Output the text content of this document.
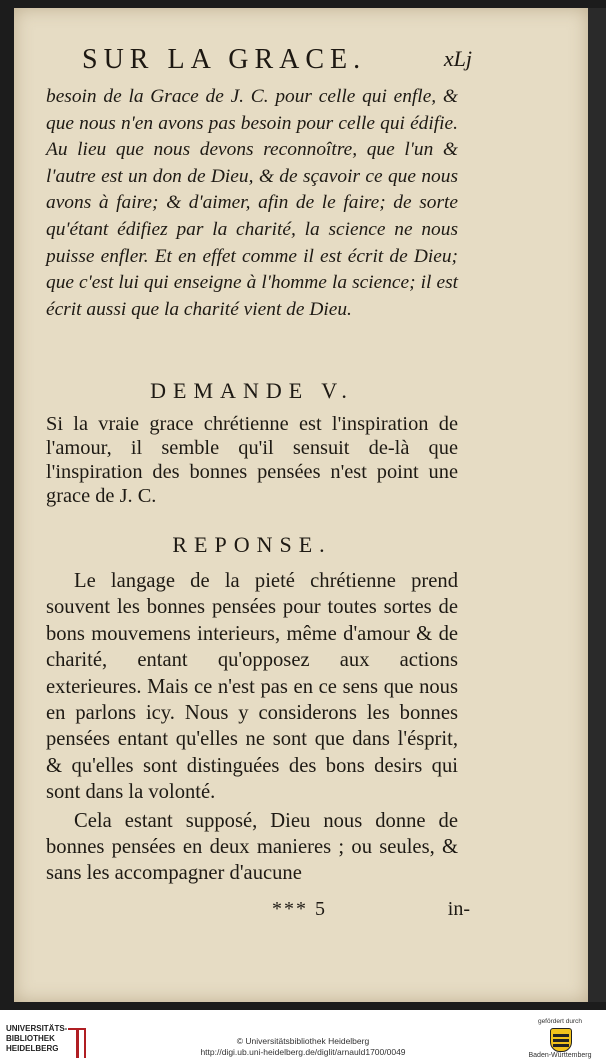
SUR LA GRACE.	xLj

besoin de la Grace de J. C. pour celle qui enfle, & que nous n'en avons pas besoin pour celle qui édifie. Au lieu que nous devons reconnoître, que l'un & l'autre est un don de Dieu, & de sçavoir ce que nous avons à faire; & d'aimer, afin de le faire; de sorte qu'étant édifiez par la charité, la science ne nous puisse enfler. Et en effet comme il est écrit de Dieu; que c'est lui qui enseigne à l'homme la science; il est écrit aussi que la charité vient de Dieu.

DEMANDE V.

Si la vraie grace chrétienne est l'inspiration de l'amour, il semble qu'il sensuit de-là que l'inspiration des bonnes pensées n'est point une grace de J. C.

REPONSE.

Le langage de la pieté chrétienne prend souvent les bonnes pensées pour toutes sortes de bons mouvemens interieurs, même d'amour & de charité, entant qu'opposez aux actions exterieures. Mais ce n'est pas en ce sens que nous en parlons icy. Nous y considerons les bonnes pensées entant qu'elles ne sont que dans l'ésprit, & qu'elles sont distinguées des bons desirs qui sont dans la volonté.

Cela estant supposé, Dieu nous donne de bonnes pensées en deux manieres ; ou seules, & sans les accompagner d'aucune

*** 5	in-
UNIVERSITÄTS-
BIBLIOTHEK
HEIDELBERG
© Universitätsbibliothek Heidelberg
http://digi.ub.uni-heidelberg.de/diglit/arnauld1700/0049
gefördert durch
Baden-Württemberg
